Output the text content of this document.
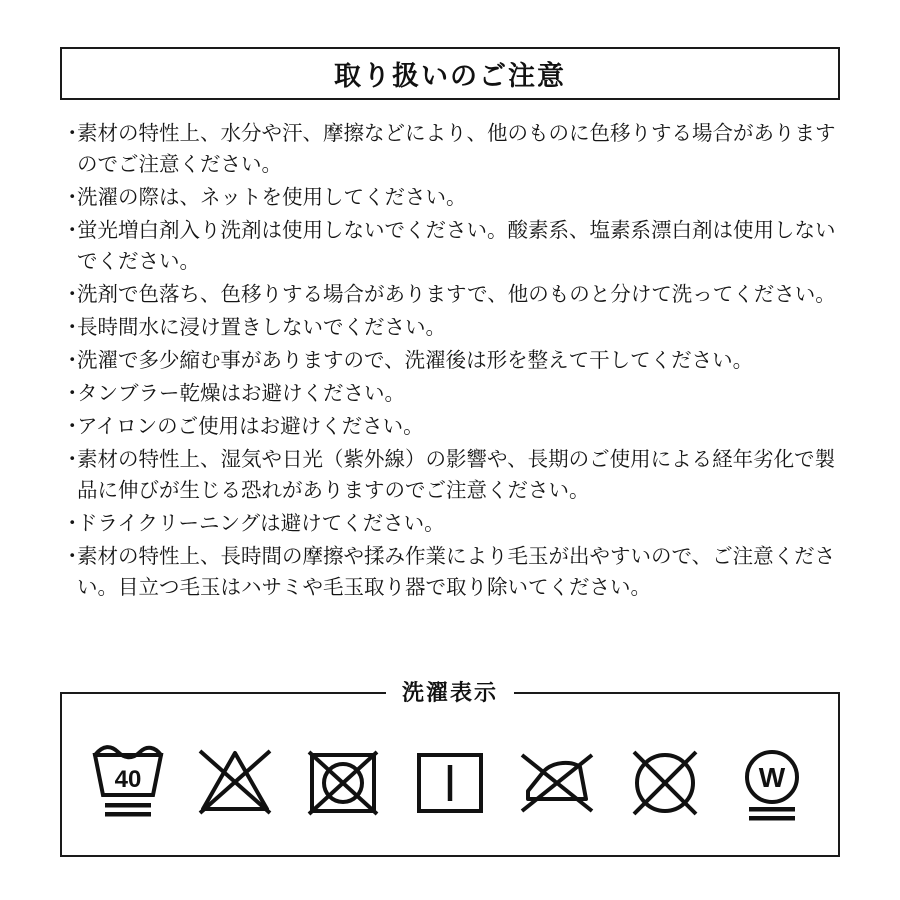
取り扱いのご注意
・
素材の特性上、水分や汗、摩擦などにより、他のものに色移りする場合がありますのでご注意ください。
・
洗濯の際は、ネットを使用してください。
・
蛍光増白剤入り洗剤は使用しないでください。酸素系、塩素系漂白剤は使用しないでください。
・
洗剤で色落ち、色移りする場合がありますで、他のものと分けて洗ってください。
・
長時間水に浸け置きしないでください。
・
洗濯で多少縮む事がありますので、洗濯後は形を整えて干してください。
・
タンブラー乾燥はお避けください。
・
アイロンのご使用はお避けください。
・
素材の特性上、湿気や日光（紫外線）の影響や、長期のご使用による経年劣化で製品に伸びが生じる恐れがありますのでご注意ください。
・
ドライクリーニングは避けてください。
・
素材の特性上、長時間の摩擦や揉み作業により毛玉が出やすいので、ご注意ください。目立つ毛玉はハサミや毛玉取り器で取り除いてください。
洗濯表示
40	W
